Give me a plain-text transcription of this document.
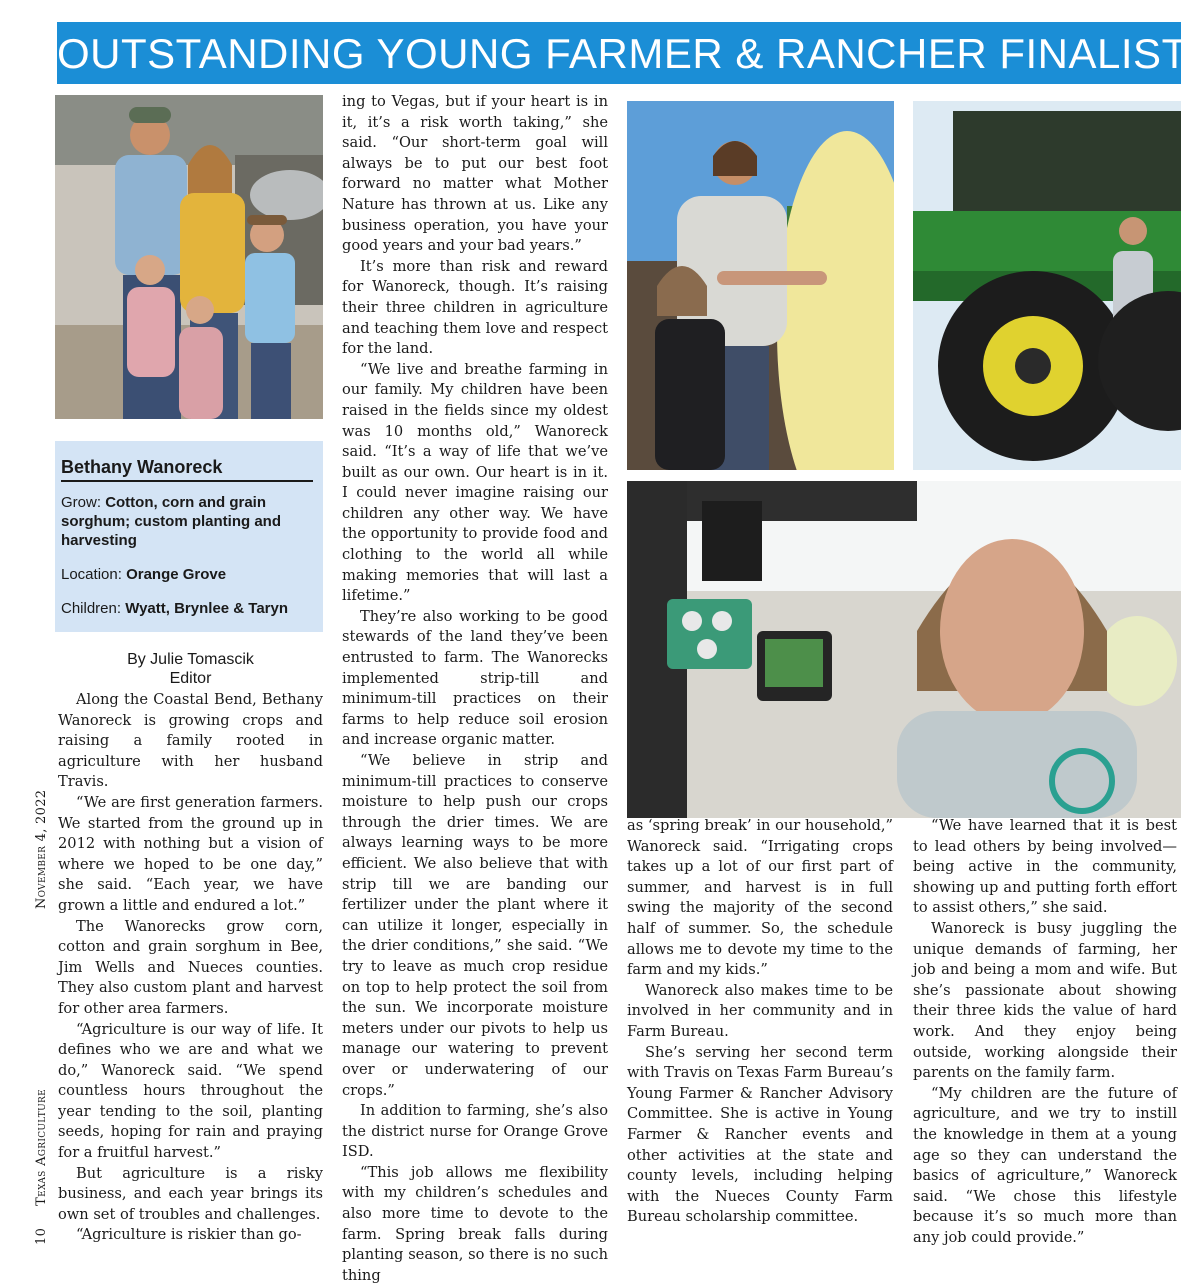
OUTSTANDING YOUNG FARMER & RANCHER FINALIST
Bethany Wanoreck
Grow: Cotton, corn and grain sorghum; custom planting and harvesting
Location: Orange Grove
Children: Wyatt, Brynlee & Taryn
By Julie Tomascik
Editor

Along the Coastal Bend, Bethany Wanoreck is growing crops and raising a family rooted in agriculture with her husband Travis.

“We are first generation farmers. We started from the ground up in 2012 with nothing but a vision of where we hoped to be one day,” she said. “Each year, we have grown a little and endured a lot.”

The Wanorecks grow corn, cotton and grain sorghum in Bee, Jim Wells and Nueces counties. They also custom plant and harvest for other area farmers.

“Agriculture is our way of life. It defines who we are and what we do,” Wanoreck said. “We spend countless hours throughout the year tending to the soil, planting seeds, hoping for rain and praying for a fruitful harvest.”

But agriculture is a risky business, and each year brings its own set of troubles and challenges.

“Agriculture is riskier than go-

ing to Vegas, but if your heart is in it, it’s a risk worth taking,” she said. “Our short-term goal will always be to put our best foot forward no matter what Mother Nature has thrown at us. Like any business operation, you have your good years and your bad years.”

It’s more than risk and reward for Wanoreck, though. It’s raising their three children in agriculture and teaching them love and respect for the land.

“We live and breathe farming in our family. My children have been raised in the fields since my oldest was 10 months old,” Wanoreck said. “It’s a way of life that we’ve built as our own. Our heart is in it. I could never imagine raising our children any other way. We have the opportunity to provide food and clothing to the world all while making memories that will last a lifetime.”

They’re also working to be good stewards of the land they’ve been entrusted to farm. The Wanorecks implemented strip-till and minimum-till practices on their farms to help reduce soil erosion and increase organic matter.

“We believe in strip and minimum-till practices to conserve moisture to help push our crops through the drier times. We are always learning ways to be more efficient. We also believe that with strip till we are banding our fertilizer under the plant where it can utilize it longer, especially in the drier conditions,” she said. “We try to leave as much crop residue on top to help protect the soil from the sun. We incorporate moisture meters under our pivots to help us manage our watering to prevent over or underwatering of our crops.”

In addition to farming, she’s also the district nurse for Orange Grove ISD.

“This job allows me flexibility with my children’s schedules and also more time to devote to the farm. Spring break falls during planting season, so there is no such thing

as ‘spring break’ in our household,” Wanoreck said. “Irrigating crops takes up a lot of our first part of summer, and harvest is in full swing the majority of the second half of summer. So, the schedule allows me to devote my time to the farm and my kids.”

Wanoreck also makes time to be involved in her community and in Farm Bureau.

She’s serving her second term with Travis on Texas Farm Bureau’s Young Farmer & Rancher Advisory Committee. She is active in Young Farmer & Rancher events and other activities at the state and county levels, including helping with the Nueces County Farm Bureau scholarship committee.

“We have learned that it is best to lead others by being involved—being active in the community, showing up and putting forth effort to assist others,” she said.

Wanoreck is busy juggling the unique demands of farming, her job and being a mom and wife. But she’s passionate about showing their three kids the value of hard work. And they enjoy being outside, working alongside their parents on the family farm.

“My children are the future of agriculture, and we try to instill the knowledge in them at a young age so they can understand the basics of agriculture,” Wanoreck said. “We chose this lifestyle because it’s so much more than any job could provide.”

10Texas AgricultureNovember 4, 2022
